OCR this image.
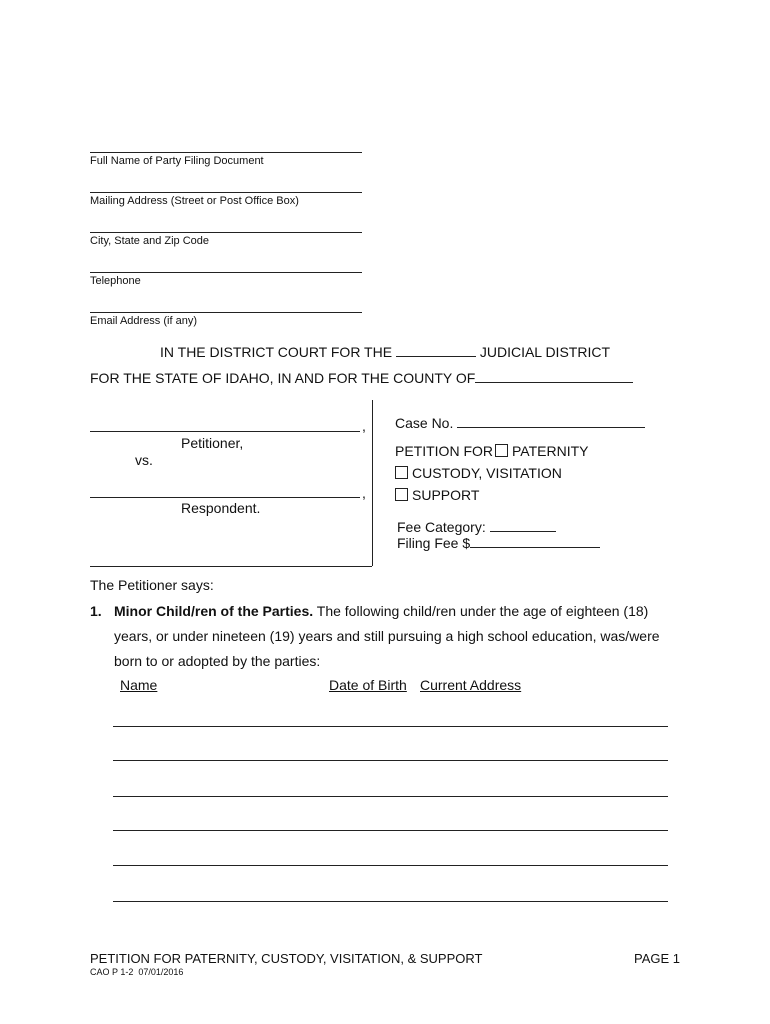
Full Name of Party Filing Document
Mailing Address (Street or Post Office Box)
City, State and Zip Code
Telephone
Email Address (if any)
IN THE DISTRICT COURT FOR THE	JUDICIAL DISTRICT
FOR THE STATE OF IDAHO, IN AND FOR THE COUNTY OF
,
Petitioner,
vs.
,
Respondent.
Case No.
PETITION FOR PATERNITY
CUSTODY, VISITATION
SUPPORT
Fee Category:
Filing Fee $
The Petitioner says:
1. Minor Child/ren of the Parties. The following child/ren under the age of eighteen (18)
years, or under nineteen (19) years and still pursuing a high school education, was/were
born to or adopted by the parties:
Name	Date of Birth Current Address
PETITION FOR PATERNITY, CUSTODY, VISITATION, & SUPPORT	PAGE 1
CAO P 1-2  07/01/2016
